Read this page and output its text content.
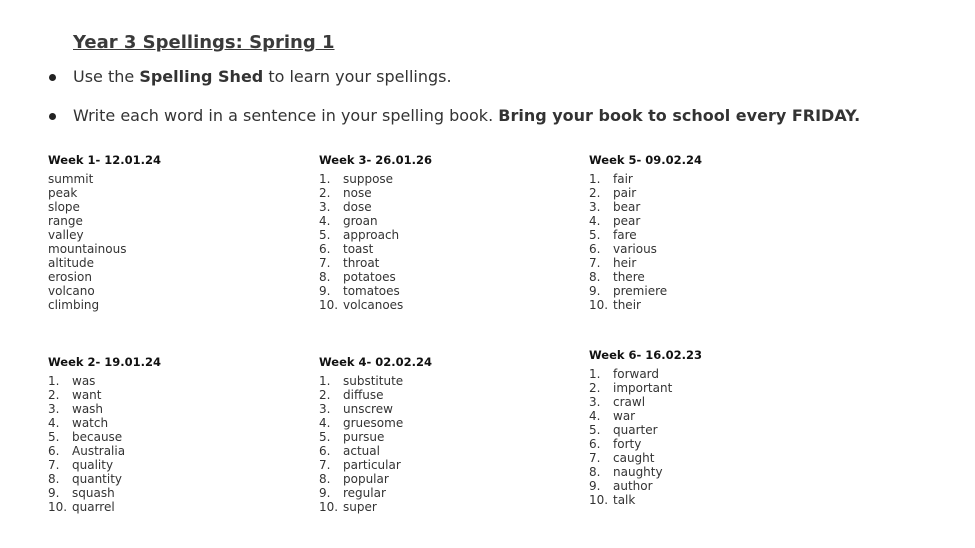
Year 3 Spellings: Spring 1
Use the Spelling Shed to learn your spellings.
Write each word in a sentence in your spelling book. Bring your book to school every FRIDAY.
Week 1- 12.01.24
summit
peak
slope
range
valley
mountainous
altitude
erosion
volcano
climbing
Week 3- 26.01.26
1.	suppose
2.	nose
3.	dose
4.	groan
5.	approach
6.	toast
7.	throat
8.	potatoes
9.	tomatoes
10. volcanoes
Week 5- 09.02.24
1.	fair
2.	pair
3.	bear
4.	pear
5.	fare
6.	various
7.	heir
8.	there
9.	premiere
10. their
Week 2- 19.01.24
1.	was
2.	want
3.	wash
4.	watch
5.	because
6.	Australia
7.	quality
8.	quantity
9.	squash
10. quarrel
Week 4- 02.02.24
1.	substitute
2.	diffuse
3.	unscrew
4.	gruesome
5.	pursue
6.	actual
7.	particular
8.	popular
9.	regular
10. super
Week 6- 16.02.23
1.	forward
2.	important
3.	crawl
4.	war
5.	quarter
6.	forty
7.	caught
8.	naughty
9.	author
10. talk
